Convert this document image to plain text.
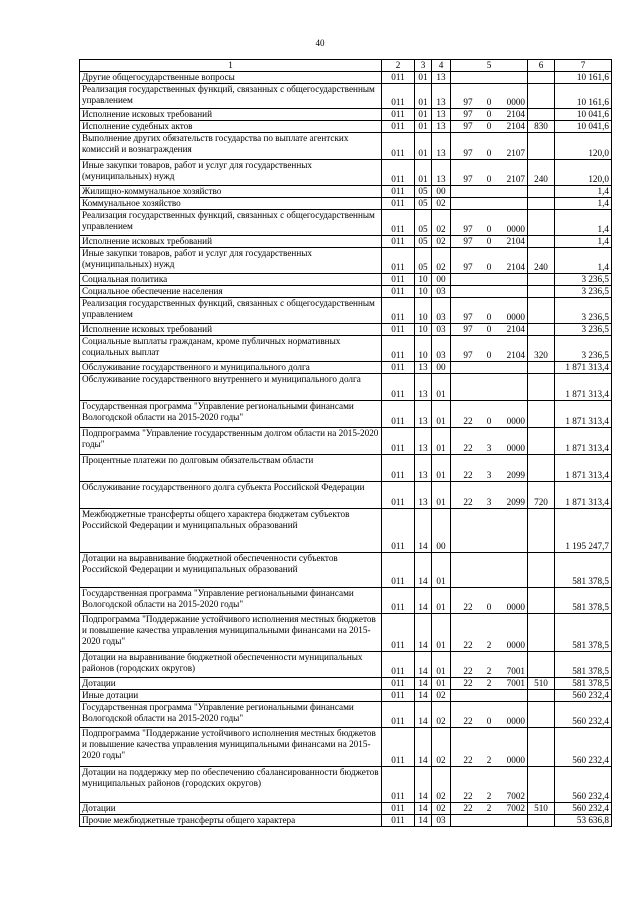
40
1	2	3	4	5	6	7
Другие общегосударственные вопросы	011	01	13			10 161,6
Реализация государственных функций, связанных с общегосударственным управлением	011	01	13	97 0 0000		10 161,6
Исполнение исковых требований	011	01	13	97 0 2104		10 041,6
Исполнение судебных актов	011	01	13	97 0 2104	830	10 041,6
Выполнение других обязательств государства по выплате агентских комиссий и вознаграждения	011	01	13	97 0 2107		120,0
Иные закупки товаров, работ и услуг для государственных (муниципальных) нужд	011	01	13	97 0 2107	240	120,0
Жилищно-коммунальное хозяйство	011	05	00			1,4
Коммунальное хозяйство	011	05	02			1,4
Реализация государственных функций, связанных с общегосударственным управлением	011	05	02	97 0 0000		1,4
Исполнение исковых требований	011	05	02	97 0 2104		1,4
Иные закупки товаров, работ и услуг для государственных (муниципальных) нужд	011	05	02	97 0 2104	240	1,4
Социальная политика	011	10	00			3 236,5
Социальное обеспечение населения	011	10	03			3 236,5
Реализация государственных функций, связанных с общегосударственным управлением	011	10	03	97 0 0000		3 236,5
Исполнение исковых требований	011	10	03	97 0 2104		3 236,5
Социальные выплаты гражданам, кроме публичных нормативных социальных выплат	011	10	03	97 0 2104	320	3 236,5
Обслуживание государственного и муниципального долга	011	13	00			1 871 313,4
Обслуживание государственного внутреннего и муниципального долга	011	13	01			1 871 313,4
Государственная программа "Управление региональными финансами Вологодской области на 2015-2020 годы"	011	13	01	22 0 0000		1 871 313,4
Подпрограмма "Управление государственным долгом области на 2015-2020 годы"	011	13	01	22 3 0000		1 871 313,4
Процентные платежи по долговым обязательствам области	011	13	01	22 3 2099		1 871 313,4
Обслуживание государственного долга субъекта Российской Федерации	011	13	01	22 3 2099	720	1 871 313,4
Межбюджетные трансферты общего характера бюджетам субъектов Российской Федерации и муниципальных образований	011	14	00			1 195 247,7
Дотации на выравнивание бюджетной обеспеченности субъектов Российской Федерации и муниципальных образований	011	14	01			581 378,5
Государственная программа "Управление региональными финансами Вологодской области на 2015-2020 годы"	011	14	01	22 0 0000		581 378,5
Подпрограмма "Поддержание устойчивого исполнения местных бюджетов и повышение качества управления муниципальными финансами на 2015-2020 годы"	011	14	01	22 2 0000		581 378,5
Дотации на выравнивание бюджетной обеспеченности муниципальных районов (городских округов)	011	14	01	22 2 7001		581 378,5
Дотации	011	14	01	22 2 7001	510	581 378,5
Иные дотации	011	14	02			560 232,4
Государственная программа "Управление региональными финансами Вологодской области на 2015-2020 годы"	011	14	02	22 0 0000		560 232,4
Подпрограмма "Поддержание устойчивого исполнения местных бюджетов и повышение качества управления муниципальными финансами на 2015-2020 годы"	011	14	02	22 2 0000		560 232,4
Дотации на поддержку мер по обеспечению сбалансированности бюджетов муниципальных районов (городских округов)	011	14	02	22 2 7002		560 232,4
Дотации	011	14	02	22 2 7002	510	560 232,4
Прочие межбюджетные трансферты общего характера	011	14	03			53 636,8
